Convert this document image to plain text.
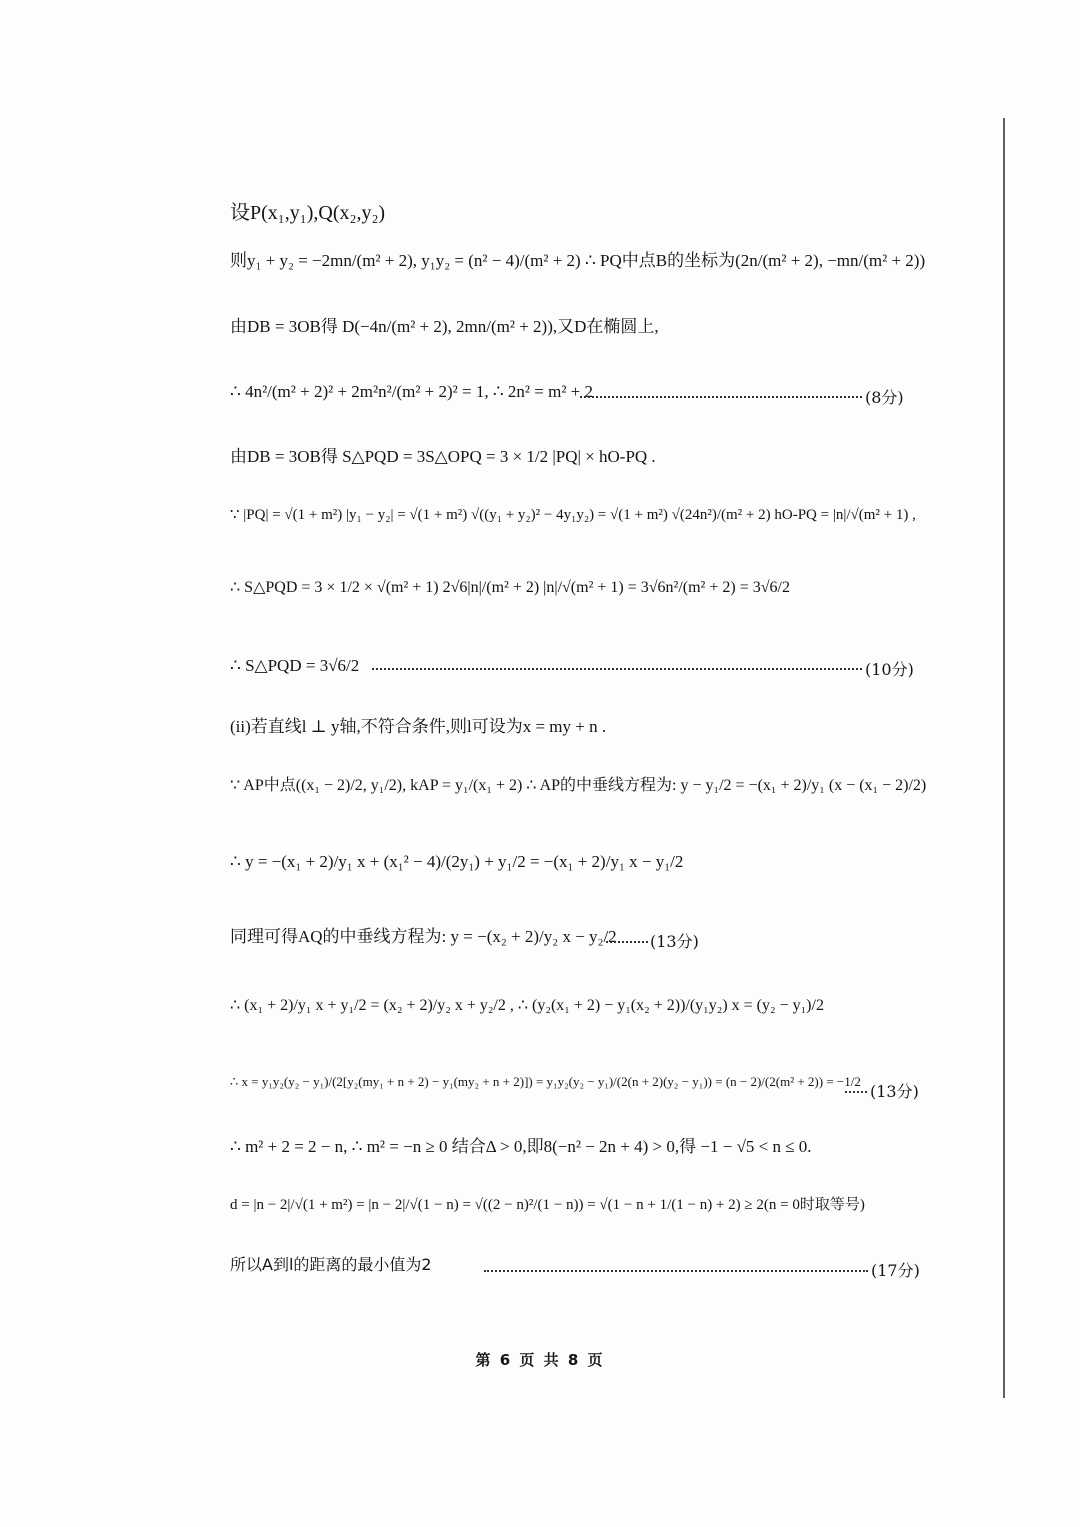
设P(x₁,y₁),Q(x₂,y₂)
则y₁ + y₂ = −2mn/(m² + 2), y₁y₂ = (n² − 4)/(m² + 2) ∴ PQ中点B的坐标为(2n/(m² + 2), −mn/(m² + 2))
由DB = 3OB得 D(−4n/(m² + 2), 2mn/(m² + 2)),又D在椭圆上,
∴ 4n²/(m² + 2)² + 2m²n²/(m² + 2)² = 1, ∴ 2n² = m² + 2	(8分)
由DB = 3OB得 S△PQD = 3S△OPQ = 3 × 1/2 |PQ| × hO-PQ .
∵ |PQ| = √(1 + m²) |y₁ − y₂| = √(1 + m²) √((y₁ + y₂)² − 4y₁y₂) = √(1 + m²) √(24n²)/(m² + 2) hO-PQ = |n|/√(m² + 1) ,
∴ S△PQD = 3 × 1/2 × √(m² + 1) 2√6|n|/(m² + 2) |n|/√(m² + 1) = 3√6n²/(m² + 2) = 3√6/2
∴ S△PQD = 3√6/2	(10分)
(ii)若直线l ⊥ y轴,不符合条件,则l可设为x = my + n .
∵ AP中点((x₁ − 2)/2, y₁/2), kAP = y₁/(x₁ + 2) ∴ AP的中垂线方程为: y − y₁/2 = −(x₁ + 2)/y₁ (x − (x₁ − 2)/2)
∴ y = −(x₁ + 2)/y₁ x + (x₁² − 4)/(2y₁) + y₁/2 = −(x₁ + 2)/y₁ x − y₁/2
同理可得AQ的中垂线方程为: y = −(x₂ + 2)/y₂ x − y₂/2 (13分)
∴ (x₁ + 2)/y₁ x + y₁/2 = (x₂ + 2)/y₂ x + y₂/2 , ∴ (y₂(x₁ + 2) − y₁(x₂ + 2))/(y₁y₂) x = (y₂ − y₁)/2
∴ x = y₁y₂(y₂ − y₁)/(2[y₂(my₁ + n + 2) − y₁(my₂ + n + 2)]) = y₁y₂(y₂ − y₁)/(2(n + 2)(y₂ − y₁)) = (n − 2)/(2(m² + 2)) = −1/2
(13分)
∴ m² + 2 = 2 − n, ∴ m² = −n ≥ 0 结合Δ > 0,即8(−n² − 2n + 4) > 0,得 −1 − √5 < n ≤ 0.
d = |n − 2|/√(1 + m²) = |n − 2|/√(1 − n) = √((2 − n)²/(1 − n)) = √(1 − n + 1/(1 − n) + 2) ≥ 2(n = 0时取等号)
所以A到l的距离的最小值为2	(17分)
第 6 页 共 8 页
